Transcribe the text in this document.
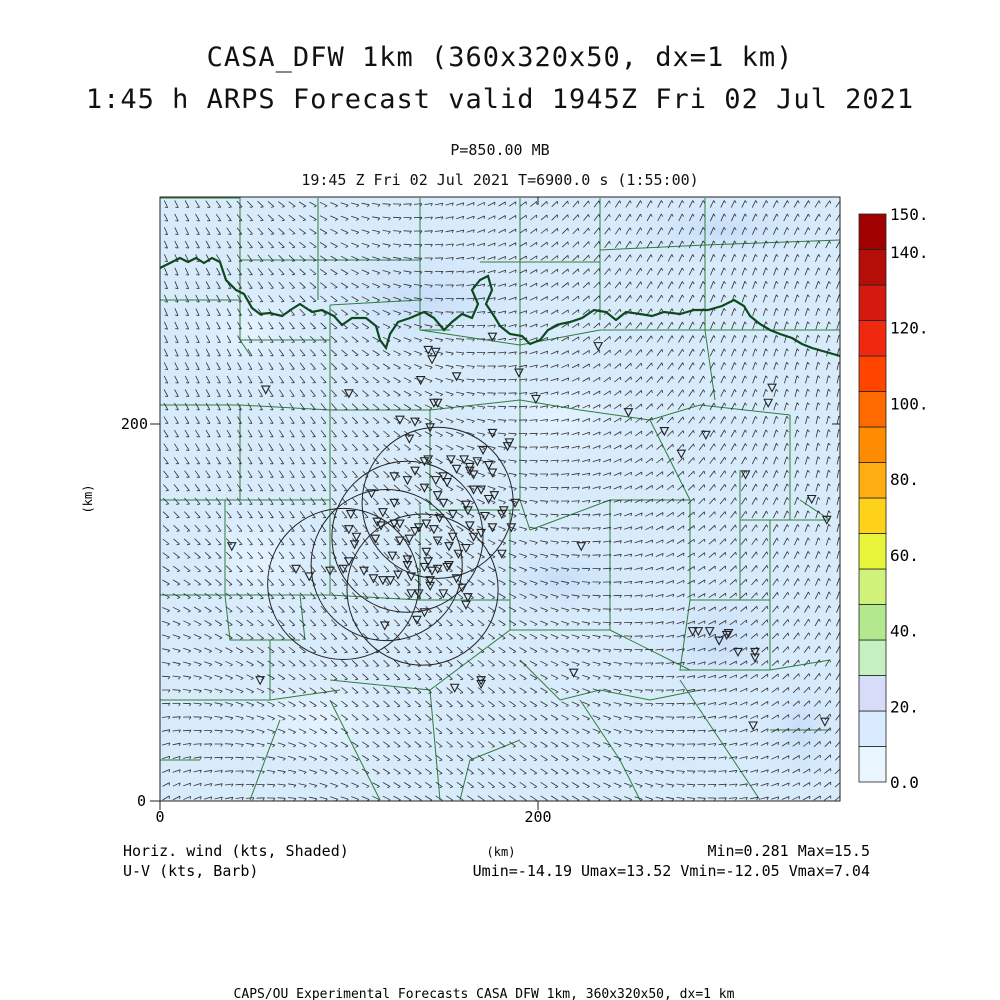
CASA_DFW 1km (360x320x50, dx=1 km)
1:45 h ARPS Forecast valid 1945Z Fri 02 Jul 2021
P=850.00 MB
19:45 Z Fri 02 Jul 2021 T=6900.0 s (1:55:00)
0	200
0
200
(km)
150.
140.
120.
100.
80.
60.
40.
20.
0.0
Horiz. wind (kts, Shaded)
U-V (kts, Barb)
(km)	Min=0.281 Max=15.5
Umin=-14.19 Umax=13.52 Vmin=-12.05 Vmax=7.04
CAPS/OU Experimental Forecasts CASA DFW 1km, 360x320x50, dx=1 km
